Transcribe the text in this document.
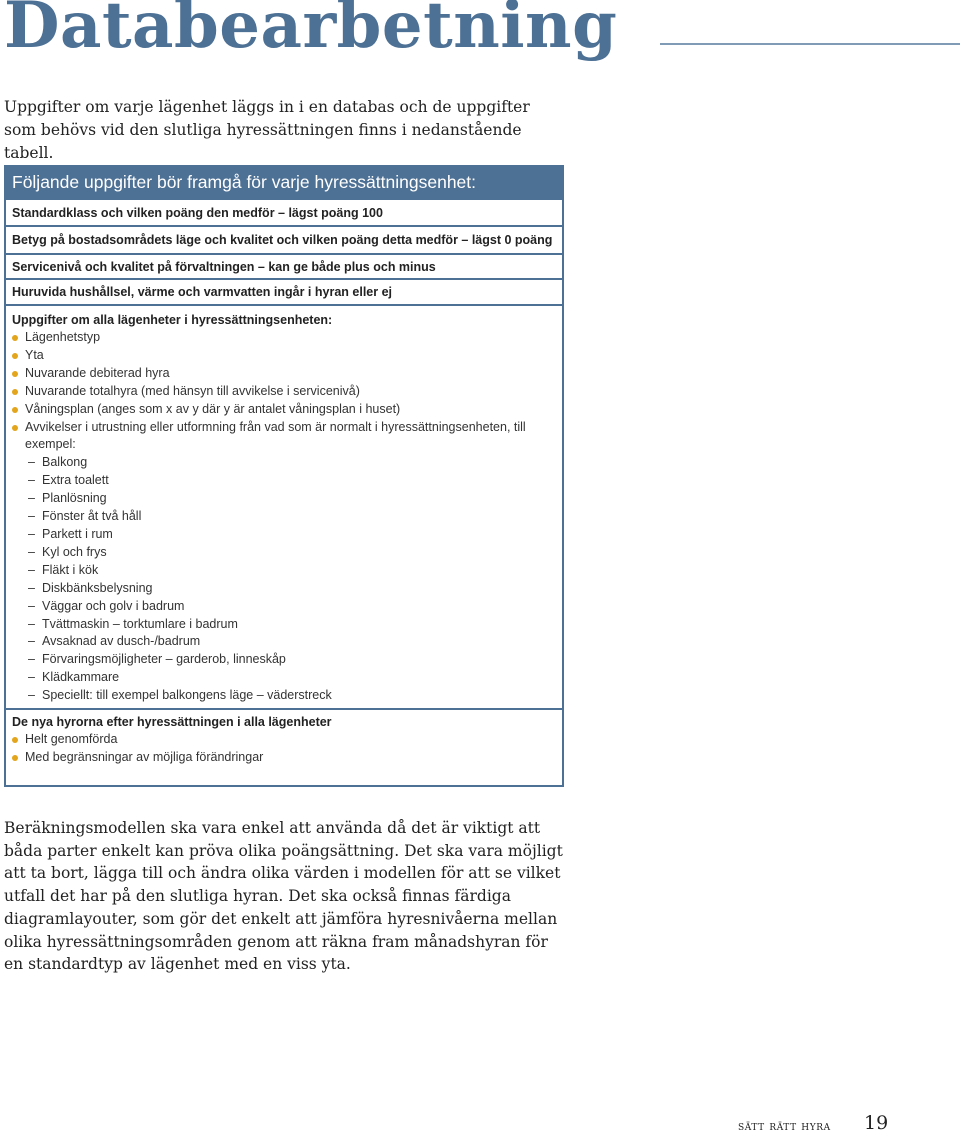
Databearbetning

Uppgifter om varje lägenhet läggs in i en databas och de uppgifter som behövs vid den slutliga hyressättningen finns i nedanstående tabell.

Följande uppgifter bör framgå för varje hyressättningsenhet:
Standardklass och vilken poäng den medför – lägst poäng 100
Betyg på bostadsområdets läge och kvalitet och vilken poäng detta medför – lägst 0 poäng
Servicenivå och kvalitet på förvaltningen – kan ge både plus och minus
Huruvida hushållsel, värme och varmvatten ingår i hyran eller ej
Uppgifter om alla lägenheter i hyressättningsenheten:
Lägenhetstyp
Yta
Nuvarande debiterad hyra
Nuvarande totalhyra (med hänsyn till avvikelse i servicenivå)
Våningsplan (anges som x av y där y är antalet våningsplan i huset)
Avvikelser i utrustning eller utformning från vad som är normalt i hyressättningsenheten, till exempel:
– Balkong
– Extra toalett
– Planlösning
– Fönster åt två håll
– Parkett i rum
– Kyl och frys
– Fläkt i kök
– Diskbänksbelysning
– Väggar och golv i badrum
– Tvättmaskin – torktumlare i badrum
– Avsaknad av dusch-/badrum
– Förvaringsmöjligheter – garderob, linneskåp
– Klädkammare
– Speciellt: till exempel balkongens läge – väderstreck
De nya hyrorna efter hyressättningen i alla lägenheter
Helt genomförda
Med begränsningar av möjliga förändringar

Beräkningsmodellen ska vara enkel att använda då det är viktigt att båda parter enkelt kan pröva olika poängsättning. Det ska vara möjligt att ta bort, lägga till och ändra olika värden i modellen för att se vilket utfall det har på den slutliga hyran. Det ska också finnas färdiga diagramlayouter, som gör det enkelt att jämföra hyresnivåerna mellan olika hyressättningsområden genom att räkna fram månadshyran för en standardtyp av lägenhet med en viss yta.

sätt rätt hyra 19
